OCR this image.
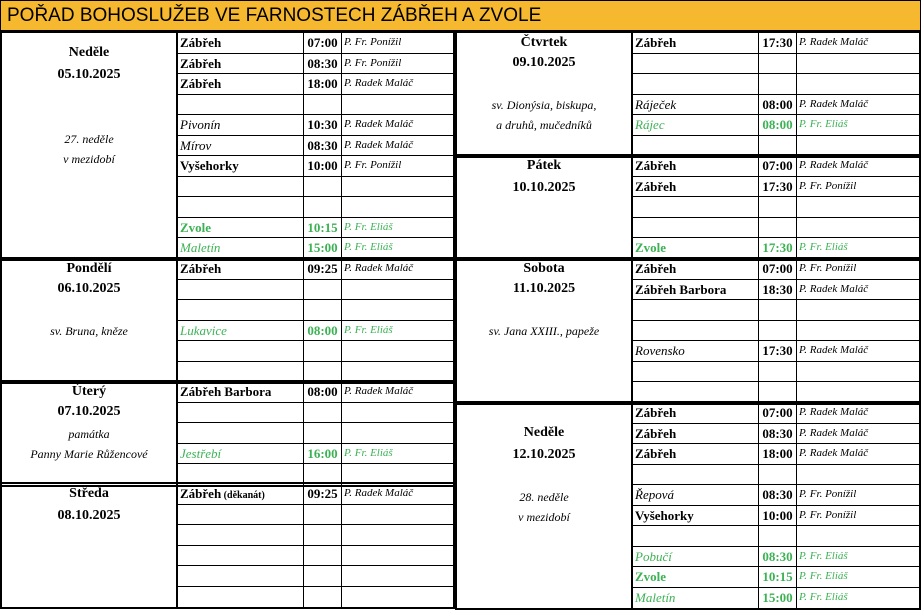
POŘAD BOHOSLUŽEB VE FARNOSTECH ZÁBŘEH A ZVOLE
Neděle
05.10.2025
27. neděle
v mezidobí
Zábřeh	07:00 P. Fr. Ponížil
Zábřeh	08:30 P. Fr. Ponížil
Zábřeh	18:00 P. Radek Maláč
Pivonín	10:30 P. Radek Maláč
Mírov	08:30 P. Radek Maláč
Vyšehorky	10:00 P. Fr. Ponížil
Zvole	10:15 P. Fr. Eliáš
Maletín	15:00 P. Fr. Eliáš
Pondělí
06.10.2025
sv. Bruna, kněze
Zábřeh	09:25 P. Radek Maláč
Lukavice	08:00 P. Fr. Eliáš
Úterý
07.10.2025
památka
Panny Marie Růžencové
Zábřeh Barbora	08:00 P. Radek Maláč
Jestřebí	16:00 P. Fr. Eliáš
Středa
08.10.2025
Zábřeh (děkanát)	09:25 P. Radek Maláč
Čtvrtek
09.10.2025
sv. Dionýsia, biskupa,
a druhů, mučedníků
Zábřeh	17:30 P. Radek Maláč
Ráječek	08:00 P. Radek Maláč
Rájec	08:00 P. Fr. Eliáš
Pátek
10.10.2025
Zábřeh	07:00 P. Radek Maláč
Zábřeh	17:30 P. Fr. Ponížil
Zvole	17:30 P. Fr. Eliáš
Sobota
11.10.2025
sv. Jana XXIII., papeže
Zábřeh	07:00 P. Fr. Ponížil
Zábřeh Barbora	18:30 P. Radek Maláč
Rovensko	17:30 P. Radek Maláč
Neděle
12.10.2025
28. neděle
v mezidobí
Zábřeh	07:00 P. Radek Maláč
Zábřeh	08:30 P. Radek Maláč
Zábřeh	18:00 P. Radek Maláč
Řepová	08:30 P. Fr. Ponížil
Vyšehorky	10:00 P. Fr. Ponížil
Pobučí	08:30 P. Fr. Eliáš
Zvole	10:15 P. Fr. Eliáš
Maletín	15:00 P. Fr. Eliáš
